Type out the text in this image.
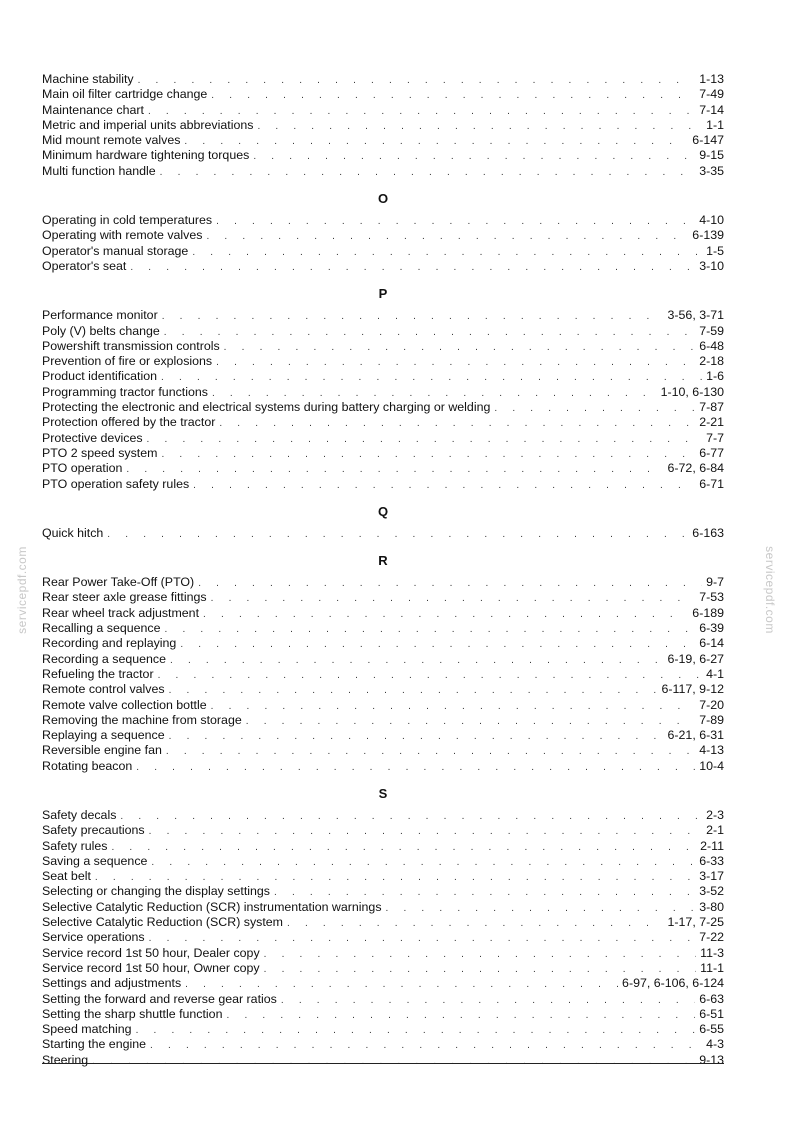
Machine stability . . .	1-13
Main oil filter cartridge change . . .	7-49
Maintenance chart . . .	7-14
Metric and imperial units abbreviations . . .	1-1
Mid mount remote valves . . .	6-147
Minimum hardware tightening torques . . .	9-15
Multi function handle . . .	3-35
O
Operating in cold temperatures . . .	4-10
Operating with remote valves . . .	6-139
Operator's manual storage . . .	1-5
Operator's seat . . .	3-10
P
Performance monitor . . .	3-56, 3-71
Poly (V) belts change . . .	7-59
Powershift transmission controls . . .	6-48
Prevention of fire or explosions . . .	2-18
Product identification . . .	1-6
Programming tractor functions . . .	1-10, 6-130
Protecting the electronic and electrical systems during battery charging or welding . . .	7-87
Protection offered by the tractor . . .	2-21
Protective devices . . .	7-7
PTO 2 speed system . . .	6-77
PTO operation . . .	6-72, 6-84
PTO operation safety rules . . .	6-71
Q
Quick hitch . . .	6-163
R
Rear Power Take-Off (PTO) . . .	9-7
Rear steer axle grease fittings . . .	7-53
Rear wheel track adjustment . . .	6-189
Recalling a sequence . . .	6-39
Recording and replaying . . .	6-14
Recording a sequence . . .	6-19, 6-27
Refueling the tractor . . .	4-1
Remote control valves . . .	6-117, 9-12
Remote valve collection bottle . . .	7-20
Removing the machine from storage . . .	7-89
Replaying a sequence . . .	6-21, 6-31
Reversible engine fan . . .	4-13
Rotating beacon . . .	10-4
S
Safety decals . . .	2-3
Safety precautions . . .	2-1
Safety rules . . .	2-11
Saving a sequence . . .	6-33
Seat belt . . .	3-17
Selecting or changing the display settings . . .	3-52
Selective Catalytic Reduction (SCR) instrumentation warnings . . .	3-80
Selective Catalytic Reduction (SCR) system . . .	1-17, 7-25
Service operations . . .	7-22
Service record 1st 50 hour, Dealer copy . . .	11-3
Service record 1st 50 hour, Owner copy . . .	11-1
Settings and adjustments . . .	6-97, 6-106, 6-124
Setting the forward and reverse gear ratios . . .	6-63
Setting the sharp shuttle function . . .	6-51
Speed matching . . .	6-55
Starting the engine . . .	4-3
Steering . . .	9-13
servicepdf.com	servicepdf.com
